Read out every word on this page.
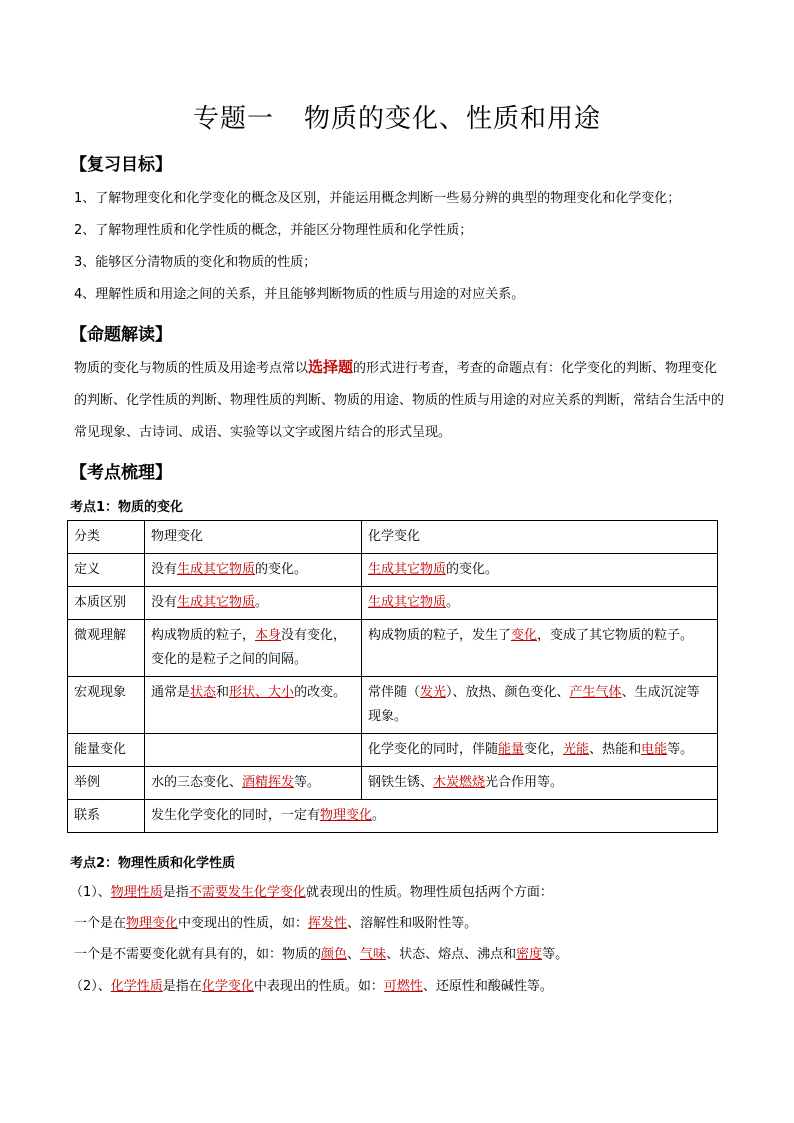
专题一 物质的变化、性质和用途
【复习目标】
1、了解物理变化和化学变化的概念及区别，并能运用概念判断一些易分辨的典型的物理变化和化学变化；
2、了解物理性质和化学性质的概念，并能区分物理性质和化学性质；
3、能够区分清物质的变化和物质的性质；
4、理解性质和用途之间的关系，并且能够判断物质的性质与用途的对应关系。
【命题解读】
物质的变化与物质的性质及用途考点常以选择题的形式进行考查，考查的命题点有：化学变化的判断、物理变化的判断、化学性质的判断、物理性质的判断、物质的用途、物质的性质与用途的对应关系的判断，常结合生活中的常见现象、古诗词、成语、实验等以文字或图片结合的形式呈现。
【考点梳理】
考点1：物质的变化
分类	物理变化	化学变化
定义	没有生成其它物质的变化。	生成其它物质的变化。
本质区别	没有生成其它物质。	生成其它物质。
微观理解	构成物质的粒子，本身没有变化，变化的是粒子之间的间隔。	构成物质的粒子，发生了变化，变成了其它物质的粒子。
宏观现象	通常是状态和形状、大小的改变。	常伴随（发光）、放热、颜色变化、产生气体、生成沉淀等现象。
能量变化		化学变化的同时，伴随能量变化，光能、热能和电能等。
举例	水的三态变化、酒精挥发等。	钢铁生锈、木炭燃烧光合作用等。
联系	发生化学变化的同时，一定有物理变化。	
考点2：物理性质和化学性质
（1）、物理性质是指不需要发生化学变化就表现出的性质。物理性质包括两个方面：
一个是在物理变化中变现出的性质，如：挥发性、溶解性和吸附性等。
一个是不需要变化就有具有的，如：物质的颜色、气味、状态、熔点、沸点和密度等。
（2）、化学性质是指在化学变化中表现出的性质。如：可燃性、还原性和酸碱性等。
